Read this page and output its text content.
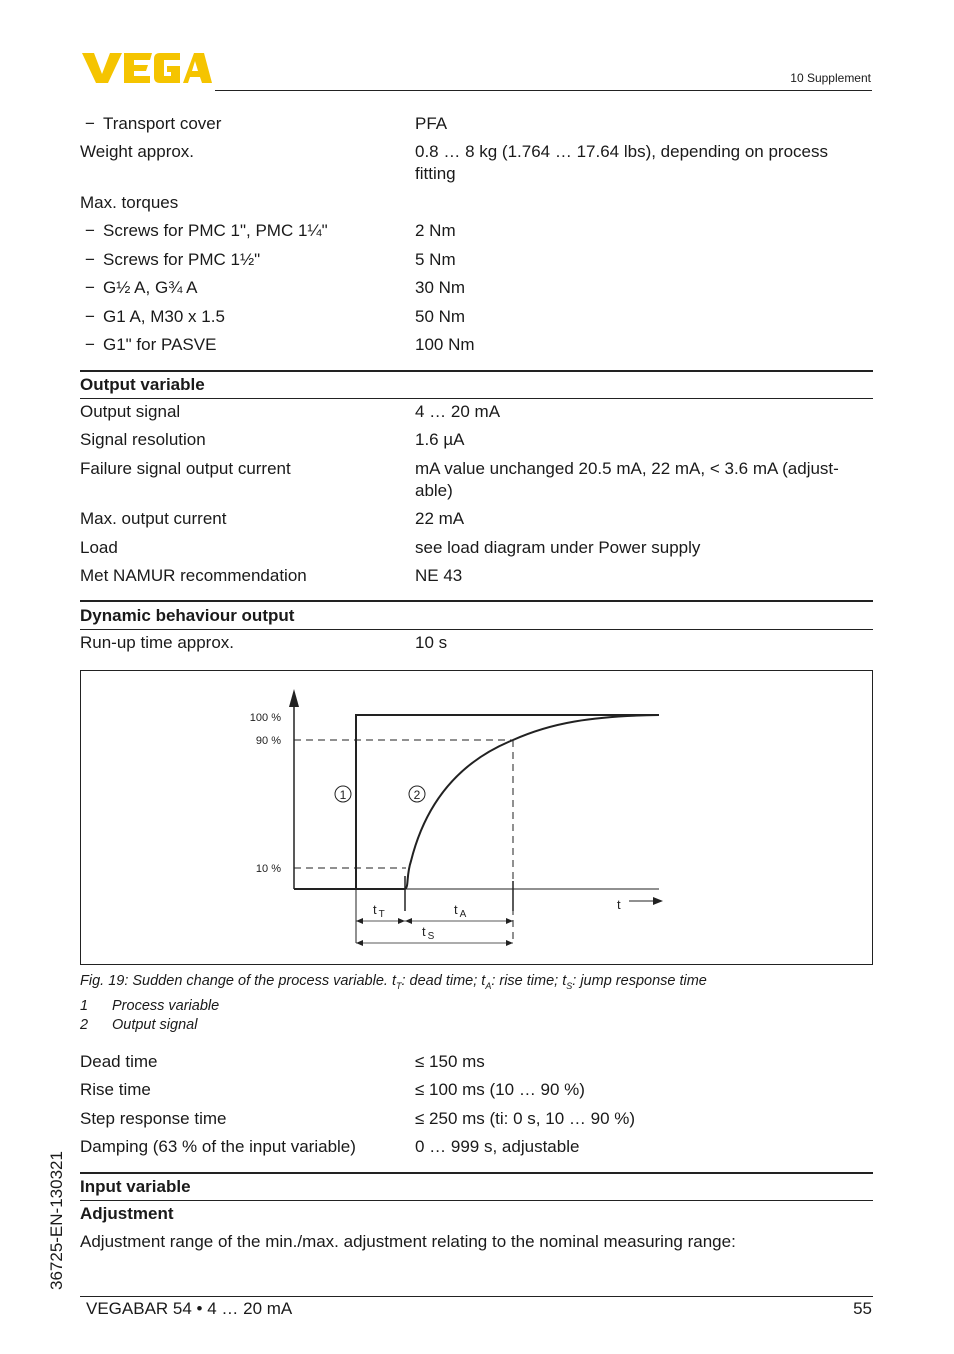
10 Supplement
− Transport cover	PFA
Weight approx.	0.8 … 8 kg (1.764 … 17.64 lbs), depending on process
fitting
Max. torques
− Screws for PMC 1", PMC 1¼"	2 Nm
− Screws for PMC 1½"	5 Nm
− G½ A, G¾ A	30 Nm
− G1 A, M30 x 1.5	50 Nm
− G1" for PASVE	100 Nm
Output variable
Output signal	4 … 20 mA
Signal resolution	1.6 µA
Failure signal output current	mA value unchanged 20.5 mA, 22 mA, < 3.6 mA (adjust-
able)
Max. output current	22 mA
Load	see load diagram under Power supply
Met NAMUR recommendation	NE 43
Dynamic behaviour output
Run-up time approx.	10 s
100 %
90 %
10 %
t $_T$	t $_A$
t $_S$
t
1	2
Fig. 19: Sudden change of the process variable. $t_T$: dead time; $t_A$: rise time; $t_S$: jump response time
1 Process variable
2 Output signal
Dead time	≤ 150 ms
Rise time	≤ 100 ms (10 … 90 %)
Step response time	≤ 250 ms (ti: 0 s, 10 … 90 %)
Damping (63 % of the input variable)	0 … 999 s, adjustable
Input variable
Adjustment
Adjustment range of the min./max. adjustment relating to the nominal measuring range:
36725-EN-130321
VEGABAR 54 • 4 … 20 mA	55
